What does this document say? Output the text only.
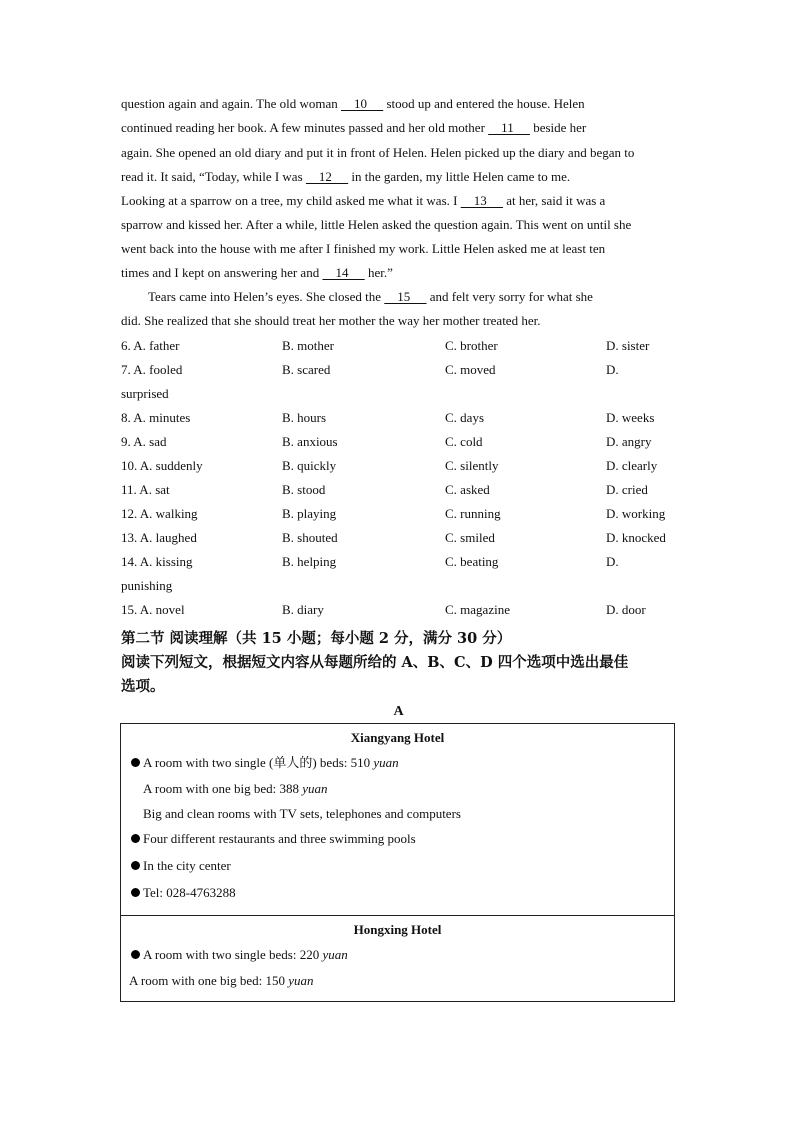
question again and again. The old woman     10      stood up and entered the house. Helen
continued reading her book. A few minutes passed and her old mother     11      beside her
again. She opened an old diary and put it in front of Helen. Helen picked up the diary and began to
read it. It said, “Today, while I was     12      in the garden, my little Helen came to me.
Looking at a sparrow on a tree, my child asked me what it was. I     13      at her, said it was a
sparrow and kissed her. After a while, little Helen asked the question again. This went on until she
went back into the house with me after I finished my work. Little Helen asked me at least ten
times and I kept on answering her and     14      her.”
Tears came into Helen’s eyes. She closed the     15      and felt very sorry for what she
did. She realized that she should treat her mother the way her mother treated her.
6. A. father	B. mother	C. brother	D. sister
7. A. fooled	B. scared	C. moved	D.
surprised
8. A. minutes	B. hours	C. days	D. weeks
9. A. sad	B. anxious	C. cold	D. angry
10. A. suddenly	B. quickly	C. silently	D. clearly
11. A. sat	B. stood	C. asked	D. cried
12. A. walking	B. playing	C. running	D. working
13. A. laughed	B. shouted	C. smiled	D. knocked
14. A. kissing	B. helping	C. beating	D.
punishing
15. A. novel	B. diary	C. magazine	D. door
第二节 阅读理解（共 15 小题；每小题 2 分，满分 30 分）
阅读下列短文，根据短文内容从每题所给的 A、B、C、D 四个选项中选出最佳
选项。
A
Xiangyang Hotel
A room with two single (单人的) beds: 510 yuan
A room with one big bed: 388 yuan
Big and clean rooms with TV sets, telephones and computers
Four different restaurants and three swimming pools
In the city center
Tel: 028-4763288
Hongxing Hotel
A room with two single beds: 220 yuan
A room with one big bed: 150 yuan
